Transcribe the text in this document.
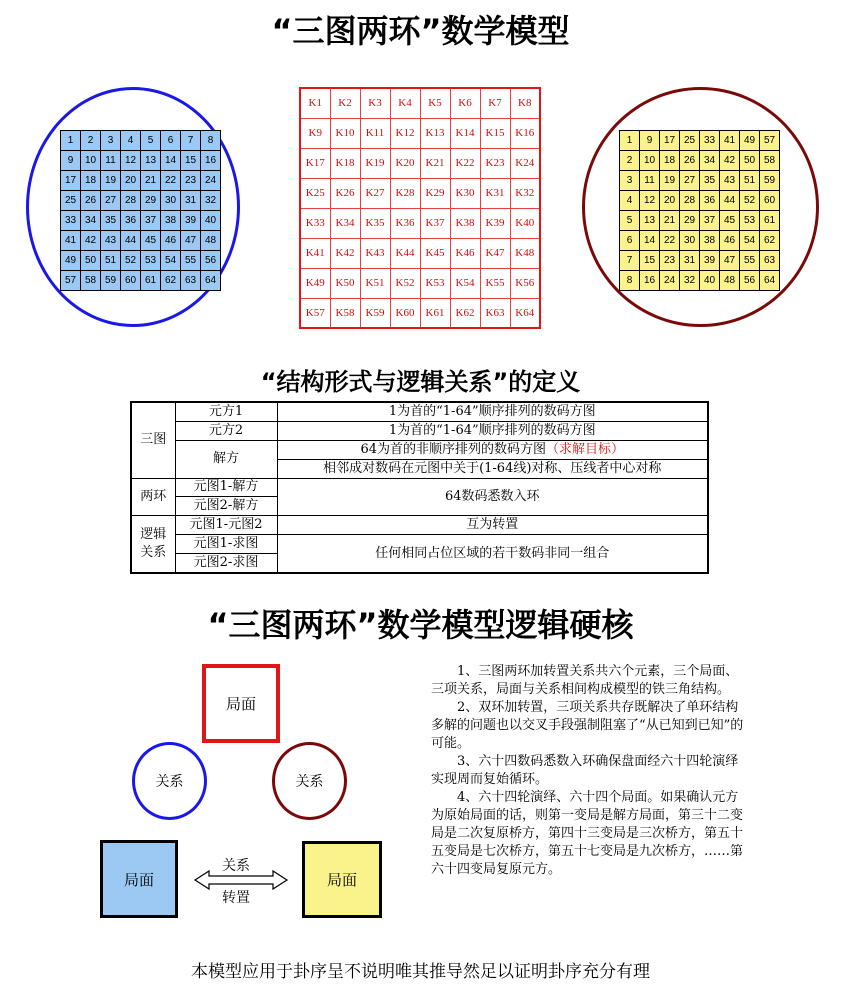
“三图两环”数学模型
1	2	3	4	5	6	7	8
9	10	11	12	13	14	15	16
17	18	19	20	21	22	23	24
25	26	27	28	29	30	31	32
33	34	35	36	37	38	39	40
41	42	43	44	45	46	47	48
49	50	51	52	53	54	55	56
57	58	59	60	61	62	63	64
K1	K2	K3	K4	K5	K6	K7	K8
K9	K10	K11	K12	K13	K14	K15	K16
K17	K18	K19	K20	K21	K22	K23	K24
K25	K26	K27	K28	K29	K30	K31	K32
K33	K34	K35	K36	K37	K38	K39	K40
K41	K42	K43	K44	K45	K46	K47	K48
K49	K50	K51	K52	K53	K54	K55	K56
K57	K58	K59	K60	K61	K62	K63	K64
1	9	17	25	33	41	49	57
2	10	18	26	34	42	50	58
3	11	19	27	35	43	51	59
4	12	20	28	36	44	52	60
5	13	21	29	37	45	53	61
6	14	22	30	38	46	54	62
7	15	23	31	39	47	55	63
8	16	24	32	40	48	56	64
“结构形式与逻辑关系”的定义
三图	元方1	1为首的“1-64”顺序排列的数码方图
	元方2	1为首的“1-64”顺序排列的数码方图
	解方	64为首的非顺序排列的数码方图（求解目标）
		相邻成对数码在元图中关于(1-64线)对称、压线者中心对称
两环	元图1-解方	64数码悉数入环
	元图2-解方	
逻辑关系	元图1-元图2	互为转置
	元图1-求图	任何相同占位区域的若干数码非同一组合
	元图2-求图	
“三图两环”数学模型逻辑硬核
局面
关系	关系
局面	局面
关系
转置

1、三图两环加转置关系共六个元素，三个局面、三项关系，局面与关系相间构成模型的铁三角结构。

2、双环加转置，三项关系共存既解决了单环结构多解的问题也以交叉手段强制阻塞了“从已知到已知”的可能。

3、六十四数码悉数入环确保盘面经六十四轮演绎实现周而复始循环。

4、六十四轮演绎、六十四个局面。如果确认元方为原始局面的话，则第一变局是解方局面，第三十二变局是二次复原桥方，第四十三变局是三次桥方，第五十五变局是七次桥方，第五十七变局是九次桥方，……第六十四变局复原元方。

本模型应用于卦序呈不说明唯其推导然足以证明卦序充分有理
